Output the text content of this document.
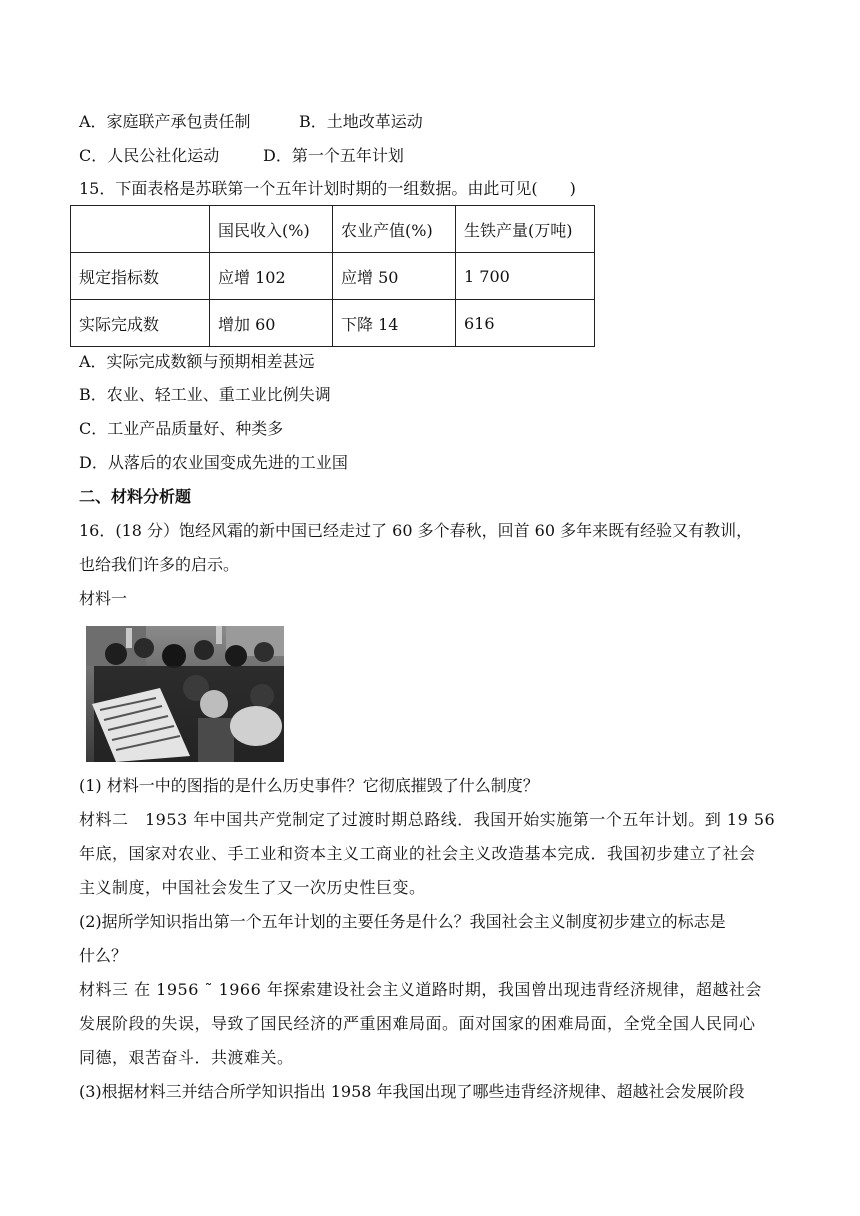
A．家庭联产承包责任制	B．土地改革运动
C．人民公社化运动	D．第一个五年计划
15．下面表格是苏联第一个五年计划时期的一组数据。由此可见(　　)
	国民收入(%)	农业产值(%)	生铁产量(万吨)
规定指标数	应增 102	应增 50	1 700
实际完成数	增加 60	下降 14	616
A．实际完成数额与预期相差甚远
B．农业、轻工业、重工业比例失调
C．工业产品质量好、种类多
D．从落后的农业国变成先进的工业国
二、材料分析题
16．(18 分）饱经风霜的新中国已经走过了 60 多个春秋，回首 60 多年来既有经验又有教训，
也给我们许多的启示。
材料一
(1) 材料一中的图指的是什么历史事件？它彻底摧毁了什么制度？
材料二　1953 年中国共产党制定了过渡时期总路线．我国开始实施第一个五年计划。到 19 56
年底，国家对农业、手工业和资本主义工商业的社会主义改造基本完成．我国初步建立了社会
主义制度，中国社会发生了又一次历史性巨变。
(2)据所学知识指出第一个五年计划的主要任务是什么？我国社会主义制度初步建立的标志是
什么？
材料三 在 1956 ˜ 1966 年探索建设社会主义道路时期，我国曾出现违背经济规律，超越社会
发展阶段的失误，导致了国民经济的严重困难局面。面对国家的困难局面，全党全国人民同心
同德，艰苦奋斗．共渡难关。
(3)根据材料三并结合所学知识指出 1958 年我国出现了哪些违背经济规律、超越社会发展阶段
